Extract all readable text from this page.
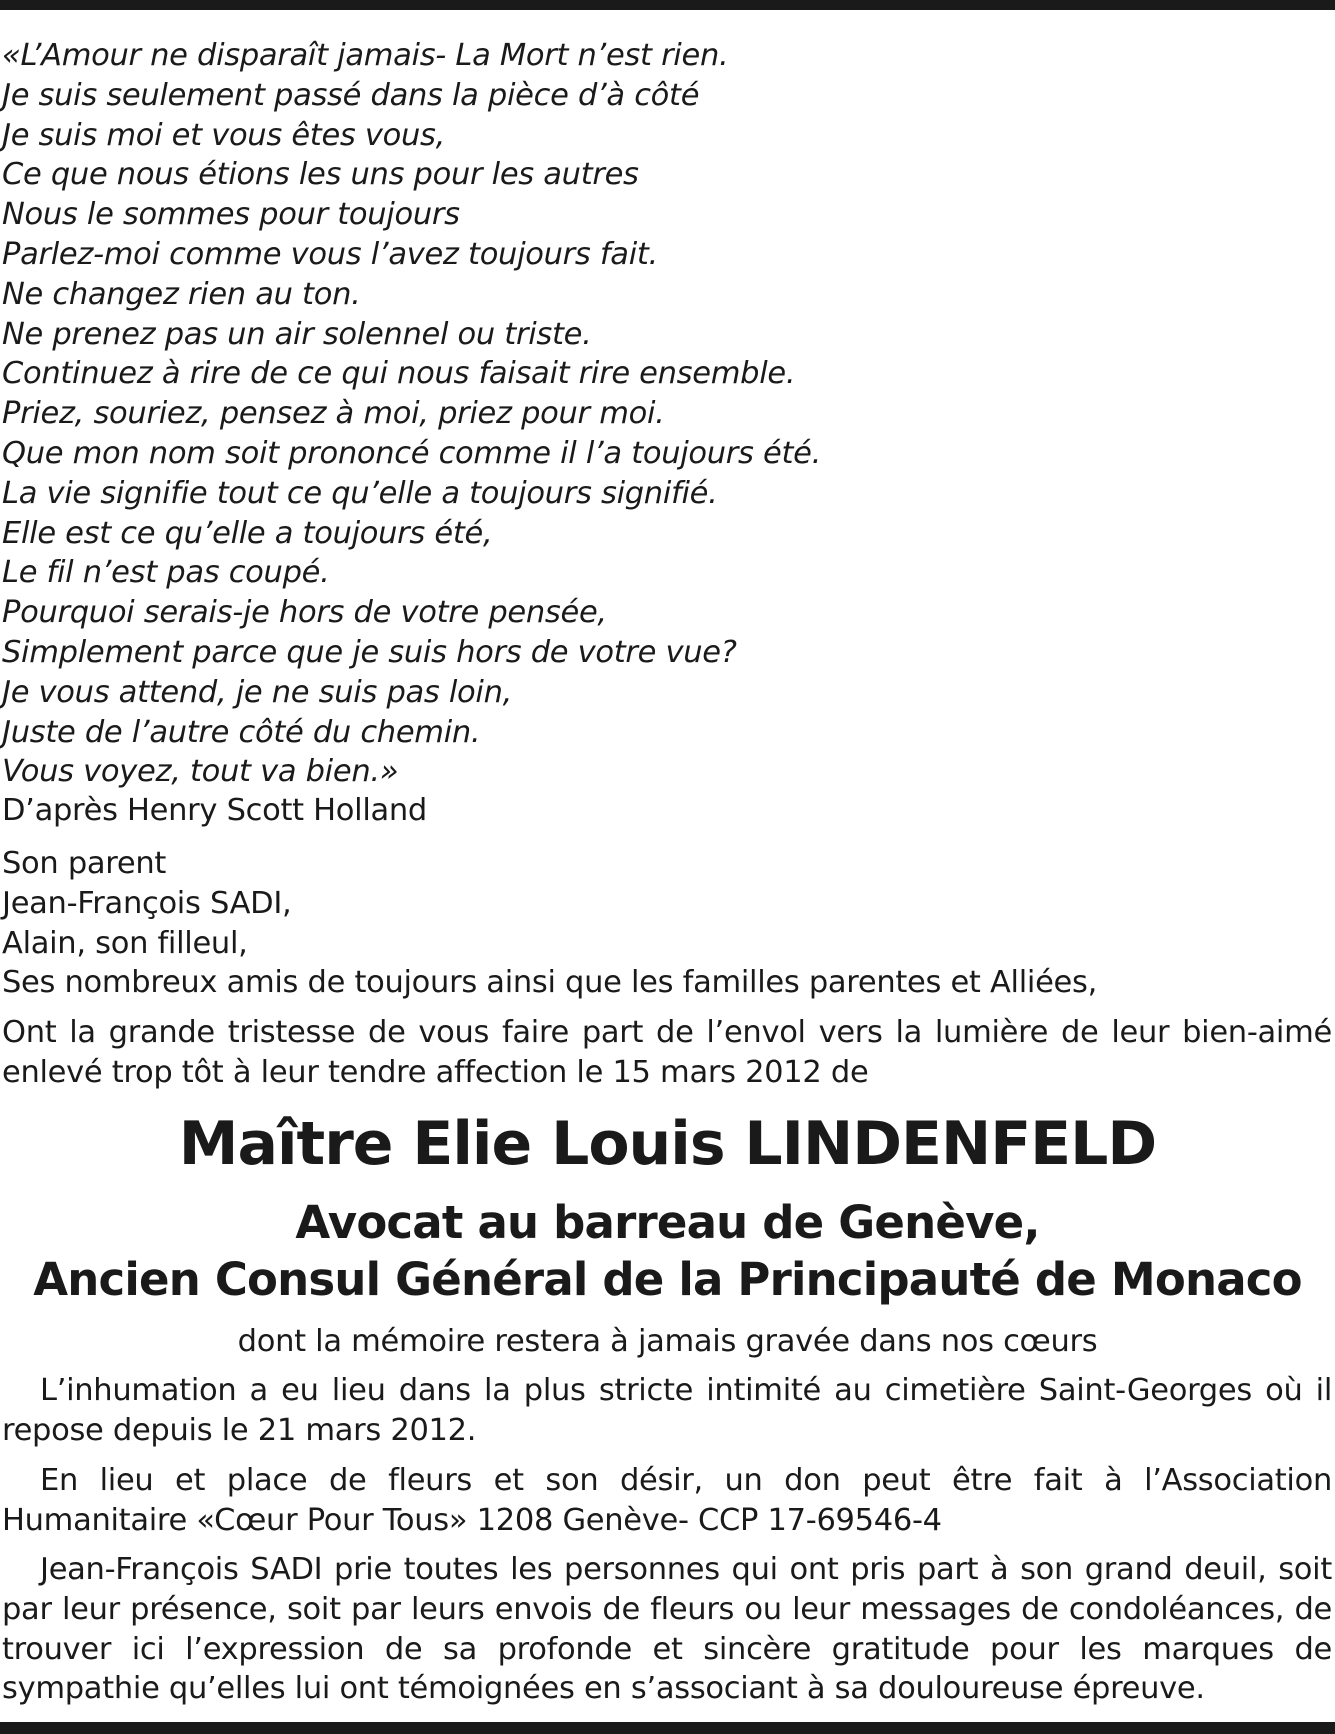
«L’Amour ne disparaît jamais- La Mort n’est rien.
Je suis seulement passé dans la pièce d’à côté
Je suis moi et vous êtes vous,
Ce que nous étions les uns pour les autres
Nous le sommes pour toujours
Parlez-moi comme vous l’avez toujours fait.
Ne changez rien au ton.
Ne prenez pas un air solennel ou triste.
Continuez à rire de ce qui nous faisait rire ensemble.
Priez, souriez, pensez à moi, priez pour moi.
Que mon nom soit prononcé comme il l’a toujours été.
La vie signifie tout ce qu’elle a toujours signifié.
Elle est ce qu’elle a toujours été,
Le fil n’est pas coupé.
Pourquoi serais-je hors de votre pensée,
Simplement parce que je suis hors de votre vue?
Je vous attend, je ne suis pas loin,
Juste de l’autre côté du chemin.
Vous voyez, tout va bien.»
D’après Henry Scott Holland
Son parent
Jean-François SADI,
Alain, son filleul,
Ses nombreux amis de toujours ainsi que les familles parentes et Alliées,
Ont la grande tristesse de vous faire part de l’envol vers la lumière de leur bien-aimé enlevé trop tôt à leur tendre affection le 15 mars 2012 de
Maître Elie Louis LINDENFELD
Avocat au barreau de Genève,
Ancien Consul Général de la Principauté de Monaco
dont la mémoire restera à jamais gravée dans nos cœurs
L’inhumation a eu lieu dans la plus stricte intimité au cimetière Saint-Georges où il repose depuis le 21 mars 2012.
En lieu et place de fleurs et son désir, un don peut être fait à l’Association Humanitaire «Cœur Pour Tous» 1208 Genève- CCP 17-69546-4
Jean-François SADI prie toutes les personnes qui ont pris part à son grand deuil, soit par leur présence, soit par leurs envois de fleurs ou leur messages de condoléances, de trouver ici l’expression de sa profonde et sincère gratitude pour les marques de sympathie qu’elles lui ont témoignées en s’associant à sa douloureuse épreuve.
